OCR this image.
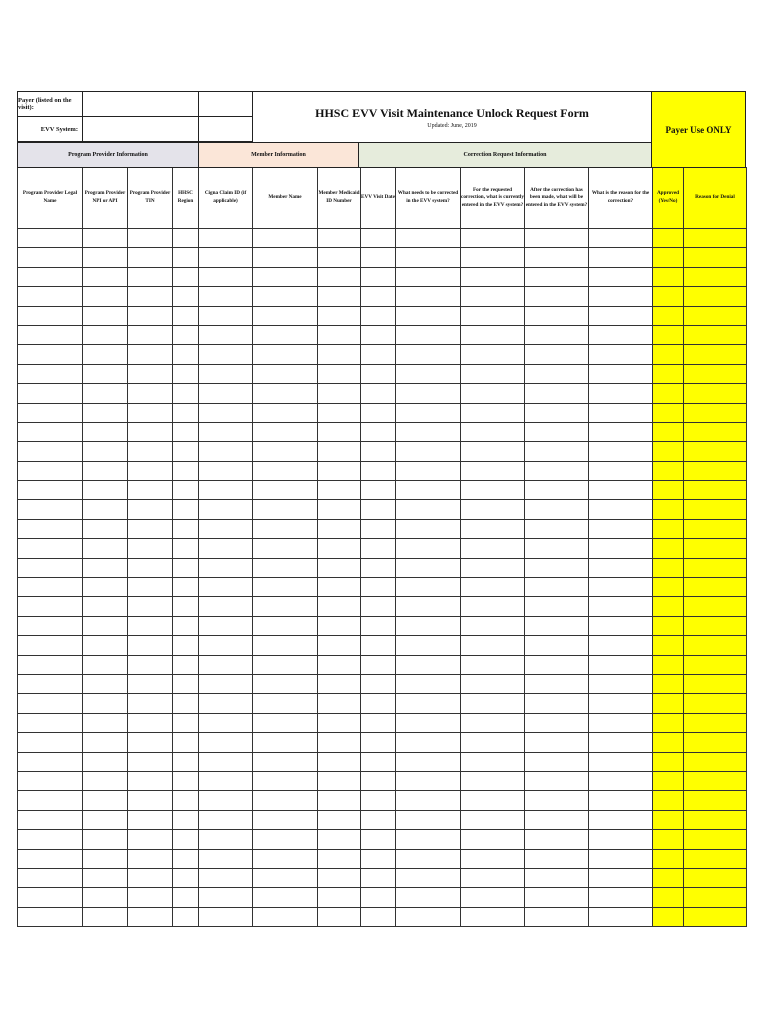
Payer (listed on the visit):
EVV System:
HHSC EVV Visit Maintenance Unlock Request Form
Updated: June, 2019	Payer Use ONLY
Program Provider Information	Member Information	Correction Request Information
Program Provider Legal Name	Program Provider NPI or API	Program Provider TIN	HHSC Region	Cigna Claim ID (if applicable)	Member Name	Member Medicaid ID Number	EVV Visit Date	What needs to be corrected in the EVV system?	For the requested correction, what is currently entered in the EVV system?	After the correction has been made, what will be entered in the EVV system?	What is the reason for the correction?	Approved (Yes/No)	Reason for Denial
